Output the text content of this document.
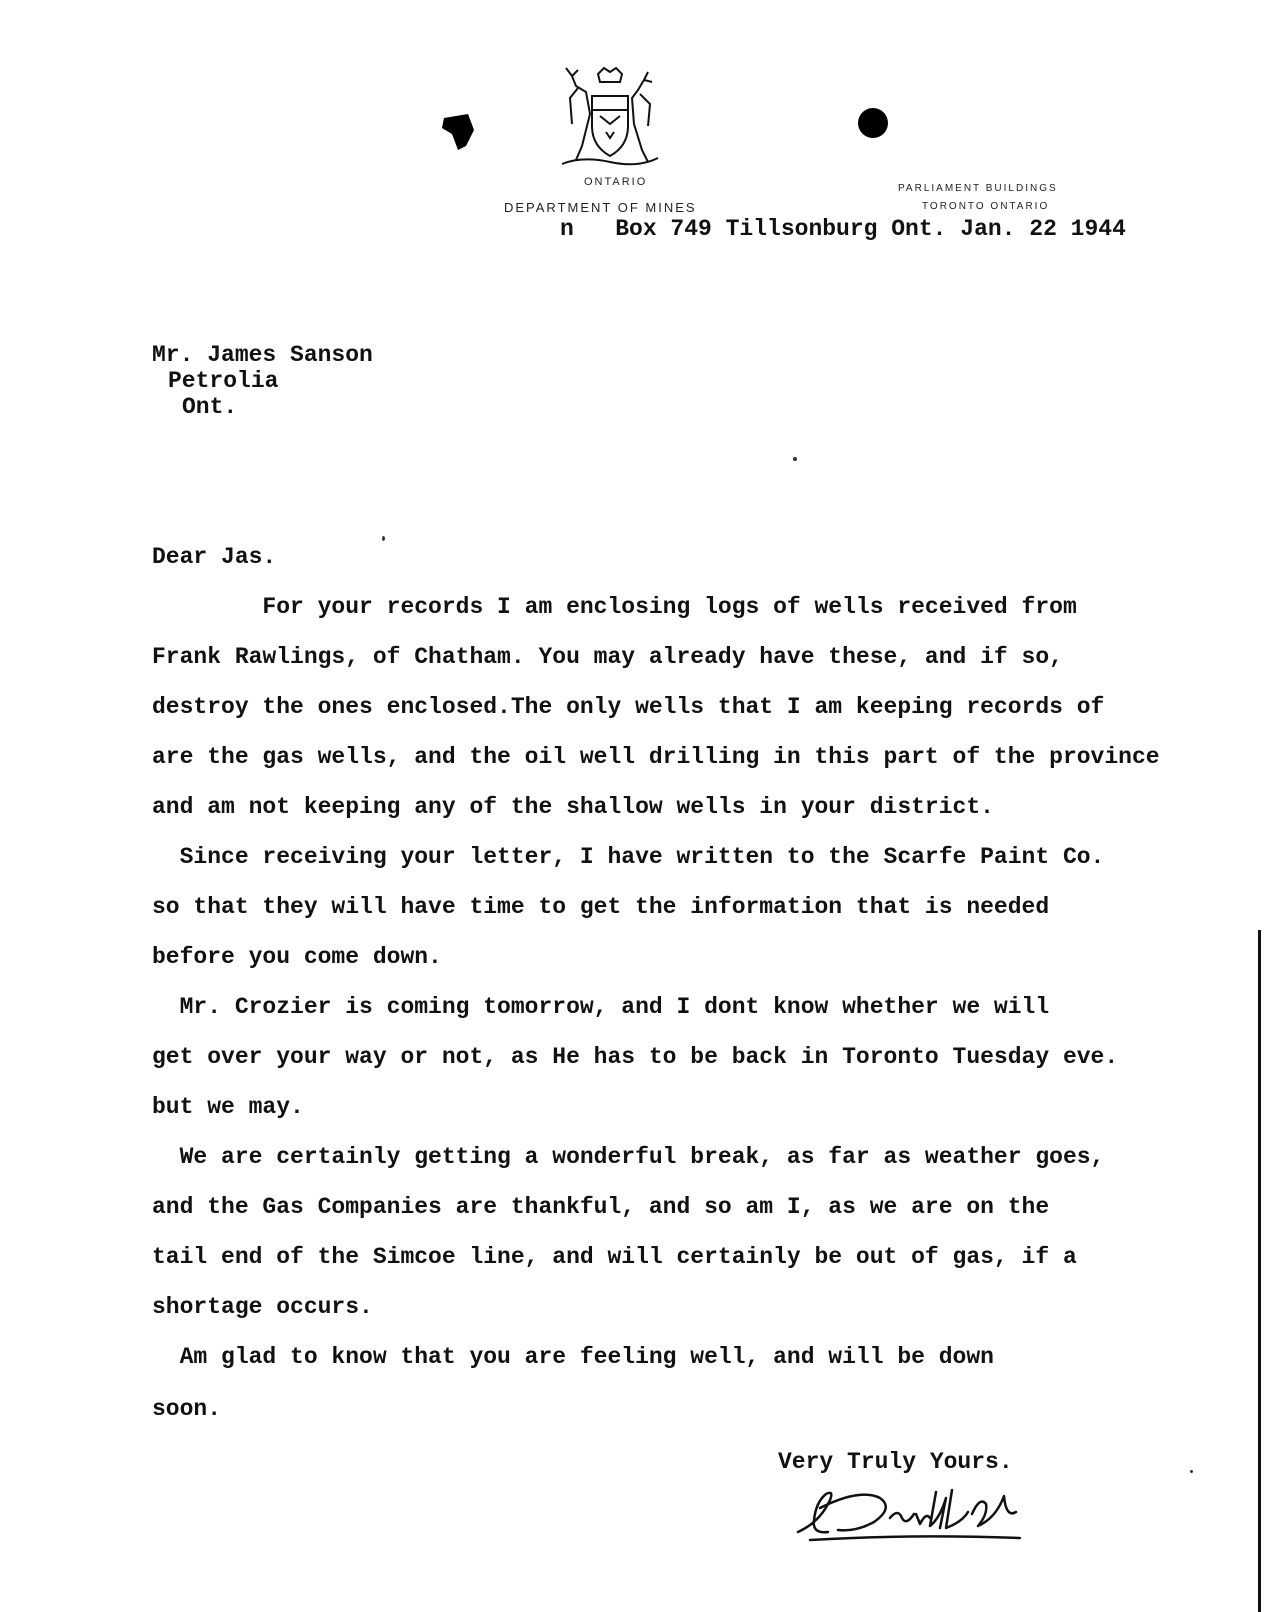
ONTARIO
DEPARTMENT OF MINES
PARLIAMENT BUILDINGS
TORONTO ONTARIO
n   Box 749 Tillsonburg Ont. Jan. 22 1944
Mr. James Sanson
Petrolia
Ont.
Dear Jas.
For your records I am enclosing logs of wells received from
Frank Rawlings, of Chatham. You may already have these, and if so,
destroy the ones enclosed.The only wells that I am keeping records of
are the gas wells, and the oil well drilling in this part of the province
and am not keeping any of the shallow wells in your district.
Since receiving your letter, I have written to the Scarfe Paint Co.
so that they will have time to get the information that is needed
before you come down.
Mr. Crozier is coming tomorrow, and I dont know whether we will
get over your way or not, as He has to be back in Toronto Tuesday eve.
but we may.
We are certainly getting a wonderful break, as far as weather goes,
and the Gas Companies are thankful, and so am I, as we are on the
tail end of the Simcoe line, and will certainly be out of gas, if a
shortage occurs.
Am glad to know that you are feeling well, and will be down
soon.
Very Truly Yours.
